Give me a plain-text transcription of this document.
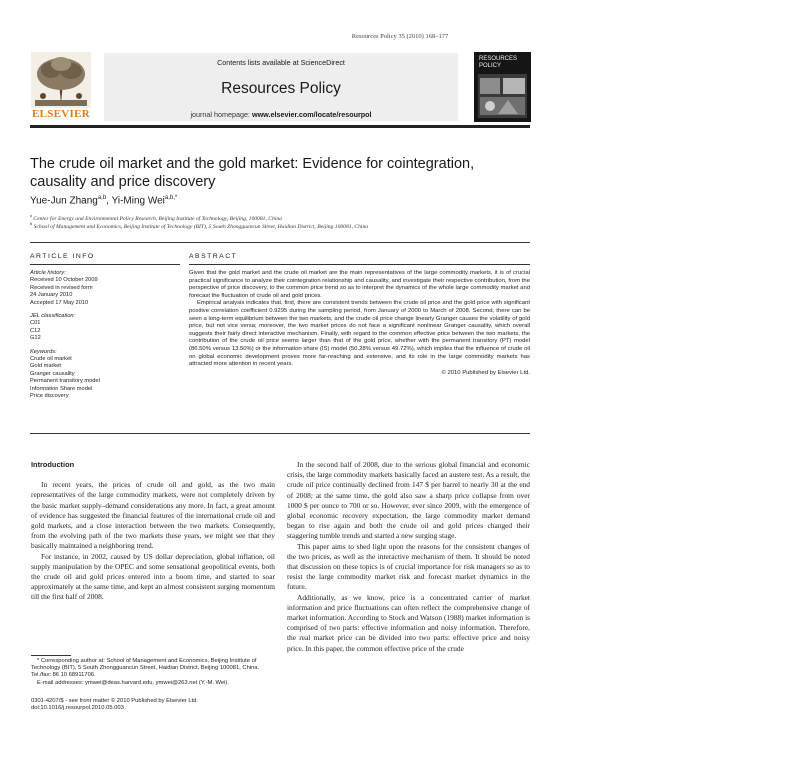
Resources Policy 35 (2010) 168–177
ELSEVIER
Contents lists available at ScienceDirect
Resources Policy
journal homepage: www.elsevier.com/locate/resourpol
RESOURCES
POLICY
The crude oil market and the gold market: Evidence for cointegration,
causality and price discovery
Yue-Jun Zhang$^{a,b}$, Yi-Ming Wei$^{a,b,*}$
$^a$ Center for Energy and Environmental Policy Research, Beijing Institute of Technology, Beijing, 100081, China
$^b$ School of Management and Economics, Beijing Institute of Technology (BIT), 5 South Zhongguancun Street, Haidian District, Beijing 100081, China
ARTICLE INFO	ABSTRACT
Article history:
Received 10 October 2009
Received in revised form
24 January 2010
Accepted 17 May 2010
JEL classification:
C01
C12
G12
Keywords:
Crude oil market
Gold market
Granger causality
Permanent transitory model
Information Share model
Price discovery

Given that the gold market and the crude oil market are the main representatives of the large commodity markets, it is of crucial practical significance to analyze their cointegration relationship and causality, and investigate their respective contribution, from the perspective of price discovery, to the common price trend so as to interpret the dynamics of the whole large commodity market and forecast the fluctuation of crude oil and gold prices.

Empirical analysis indicates that, first, there are consistent trends between the crude oil price and the gold price with significant positive correlation coefficient 0.9295 during the sampling period, from January of 2000 to March of 2008. Second, there can be seen a long-term equilibrium between the two markets, and the crude oil price change linearly Granger causes the volatility of gold price, but not vice versa; moreover, the two market prices do not face a significant nonlinear Granger causality, which overall suggests their fairly direct interactive mechanism. Finally, with regard to the common effective price between the two markets, the contribution of the crude oil price seems larger than that of the gold price, whether with the permanent transitory (PT) model (86.50% versus 13.50%) or the information share (IS) model (50.28% versus 49.72%), which implies that the influence of crude oil on global economic development proves more far-reaching and extensive, and its role in the large commodity markets has attracted more attention in recent years.

© 2010 Published by Elsevier Ltd.
Introduction

In recent years, the prices of crude oil and gold, as the two main representatives of the large commodity markets, were not completely driven by the basic market supply–demand considerations any more. In fact, a great amount of evidence has suggested the financial features of the international crude oil and gold markets, and a close interaction between the two markets. Consequently, from the evolving path of the two markets these years, we might see that they basically maintained a neighboring trend.

For instance, in 2002, caused by US dollar depreciation, global inflation, oil supply manipulation by the OPEC and some sensational geopolitical events, both the crude oil and gold prices entered into a boom time, and started to soar approximately at the same time, and kept an almost consistent surging momentum till the first half of 2008.

In the second half of 2008, due to the serious global financial and economic crisis, the large commodity markets basically faced an austere test. As a result, the crude oil price continually declined from 147 $ per barrel to nearly 30 at the end of 2008; at the same time, the gold also saw a sharp price collapse from over 1000 $ per ounce to 700 or so. However, ever since 2009, with the emergence of global economic recovery expectation, the large commodity market demand began to rise again and both the crude oil and gold prices changed their staggering tumble trends and started a new surging stage.

This paper aims to shed light upon the reasons for the consistent changes of the two prices, as well as the interactive mechanism of them. It should be noted that discussion on these topics is of crucial importance for risk managers so as to resist the large commodity market risk and forecast market dynamics in the future.

Additionally, as we know, price is a concentrated carrier of market information and price fluctuations can often reflect the comprehensive change of market information. According to Stock and Watson (1988) market information is comprised of two parts: effective information and noisy information. Therefore, the real market price can be divided into two parts: effective price and noisy price. In this paper, the common effective price of the crude

* Corresponding author at: School of Management and Economics, Beijing Institute of Technology (BIT), 5 South Zhongguancun Street, Haidian District, Beijing 100081, China. Tel./fax: 86 10 68911706.

E-mail addresses: ymwei@deas.harvard.edu, ymwei@263.net (Y.-M. Wei).

0301-4207/$ - see front matter © 2010 Published by Elsevier Ltd.
doi:10.1016/j.resourpol.2010.05.003
